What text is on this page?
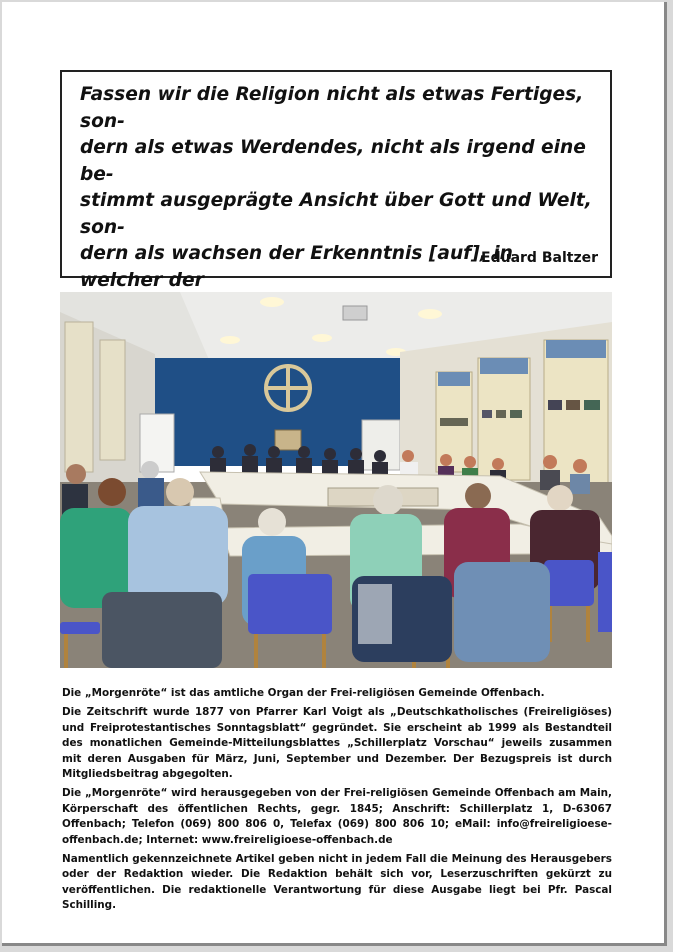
Fassen wir die Religion nicht als etwas Fertiges, son-
dern als etwas Werdendes, nicht als irgend eine be-
stimmt ausgeprägte Ansicht über Gott und Welt, son-
dern als wachsen der Erkenntnis [auf], in welcher der

Eduard Baltzer

Die „Morgenröte“ ist das amtliche Organ der Frei-religiösen Gemeinde Offenbach.

Die Zeitschrift wurde 1877 von Pfarrer Karl Voigt als „Deutschkatholisches (Freireligiöses) und Freiprotestantisches Sonntagsblatt“ gegründet. Sie erscheint ab 1999 als Bestandteil des monatlichen Gemeinde-Mitteilungsblattes „Schillerplatz Vorschau“ jeweils zusammen mit deren Ausgaben für März, Juni, September und Dezember. Der Bezugspreis ist durch Mitgliedsbeitrag abgegolten.

Die „Morgenröte“ wird herausgegeben von der Frei-religiösen Gemeinde Offenbach am Main, Körperschaft des öffentlichen Rechts, gegr. 1845; Anschrift: Schillerplatz 1, D-63067 Offenbach; Telefon (069) 800 806 0, Telefax (069) 800 806 10; eMail: info@freireligioese-offenbach.de; Internet: www.freireligioese-offenbach.de

Namentlich gekennzeichnete Artikel geben nicht in jedem Fall die Meinung des Herausgebers oder der Redaktion wieder. Die Redaktion behält sich vor, Leserzuschriften gekürzt zu veröffentlichen. Die redaktionelle Verantwortung für diese Ausgabe liegt bei Pfr. Pascal Schilling.
